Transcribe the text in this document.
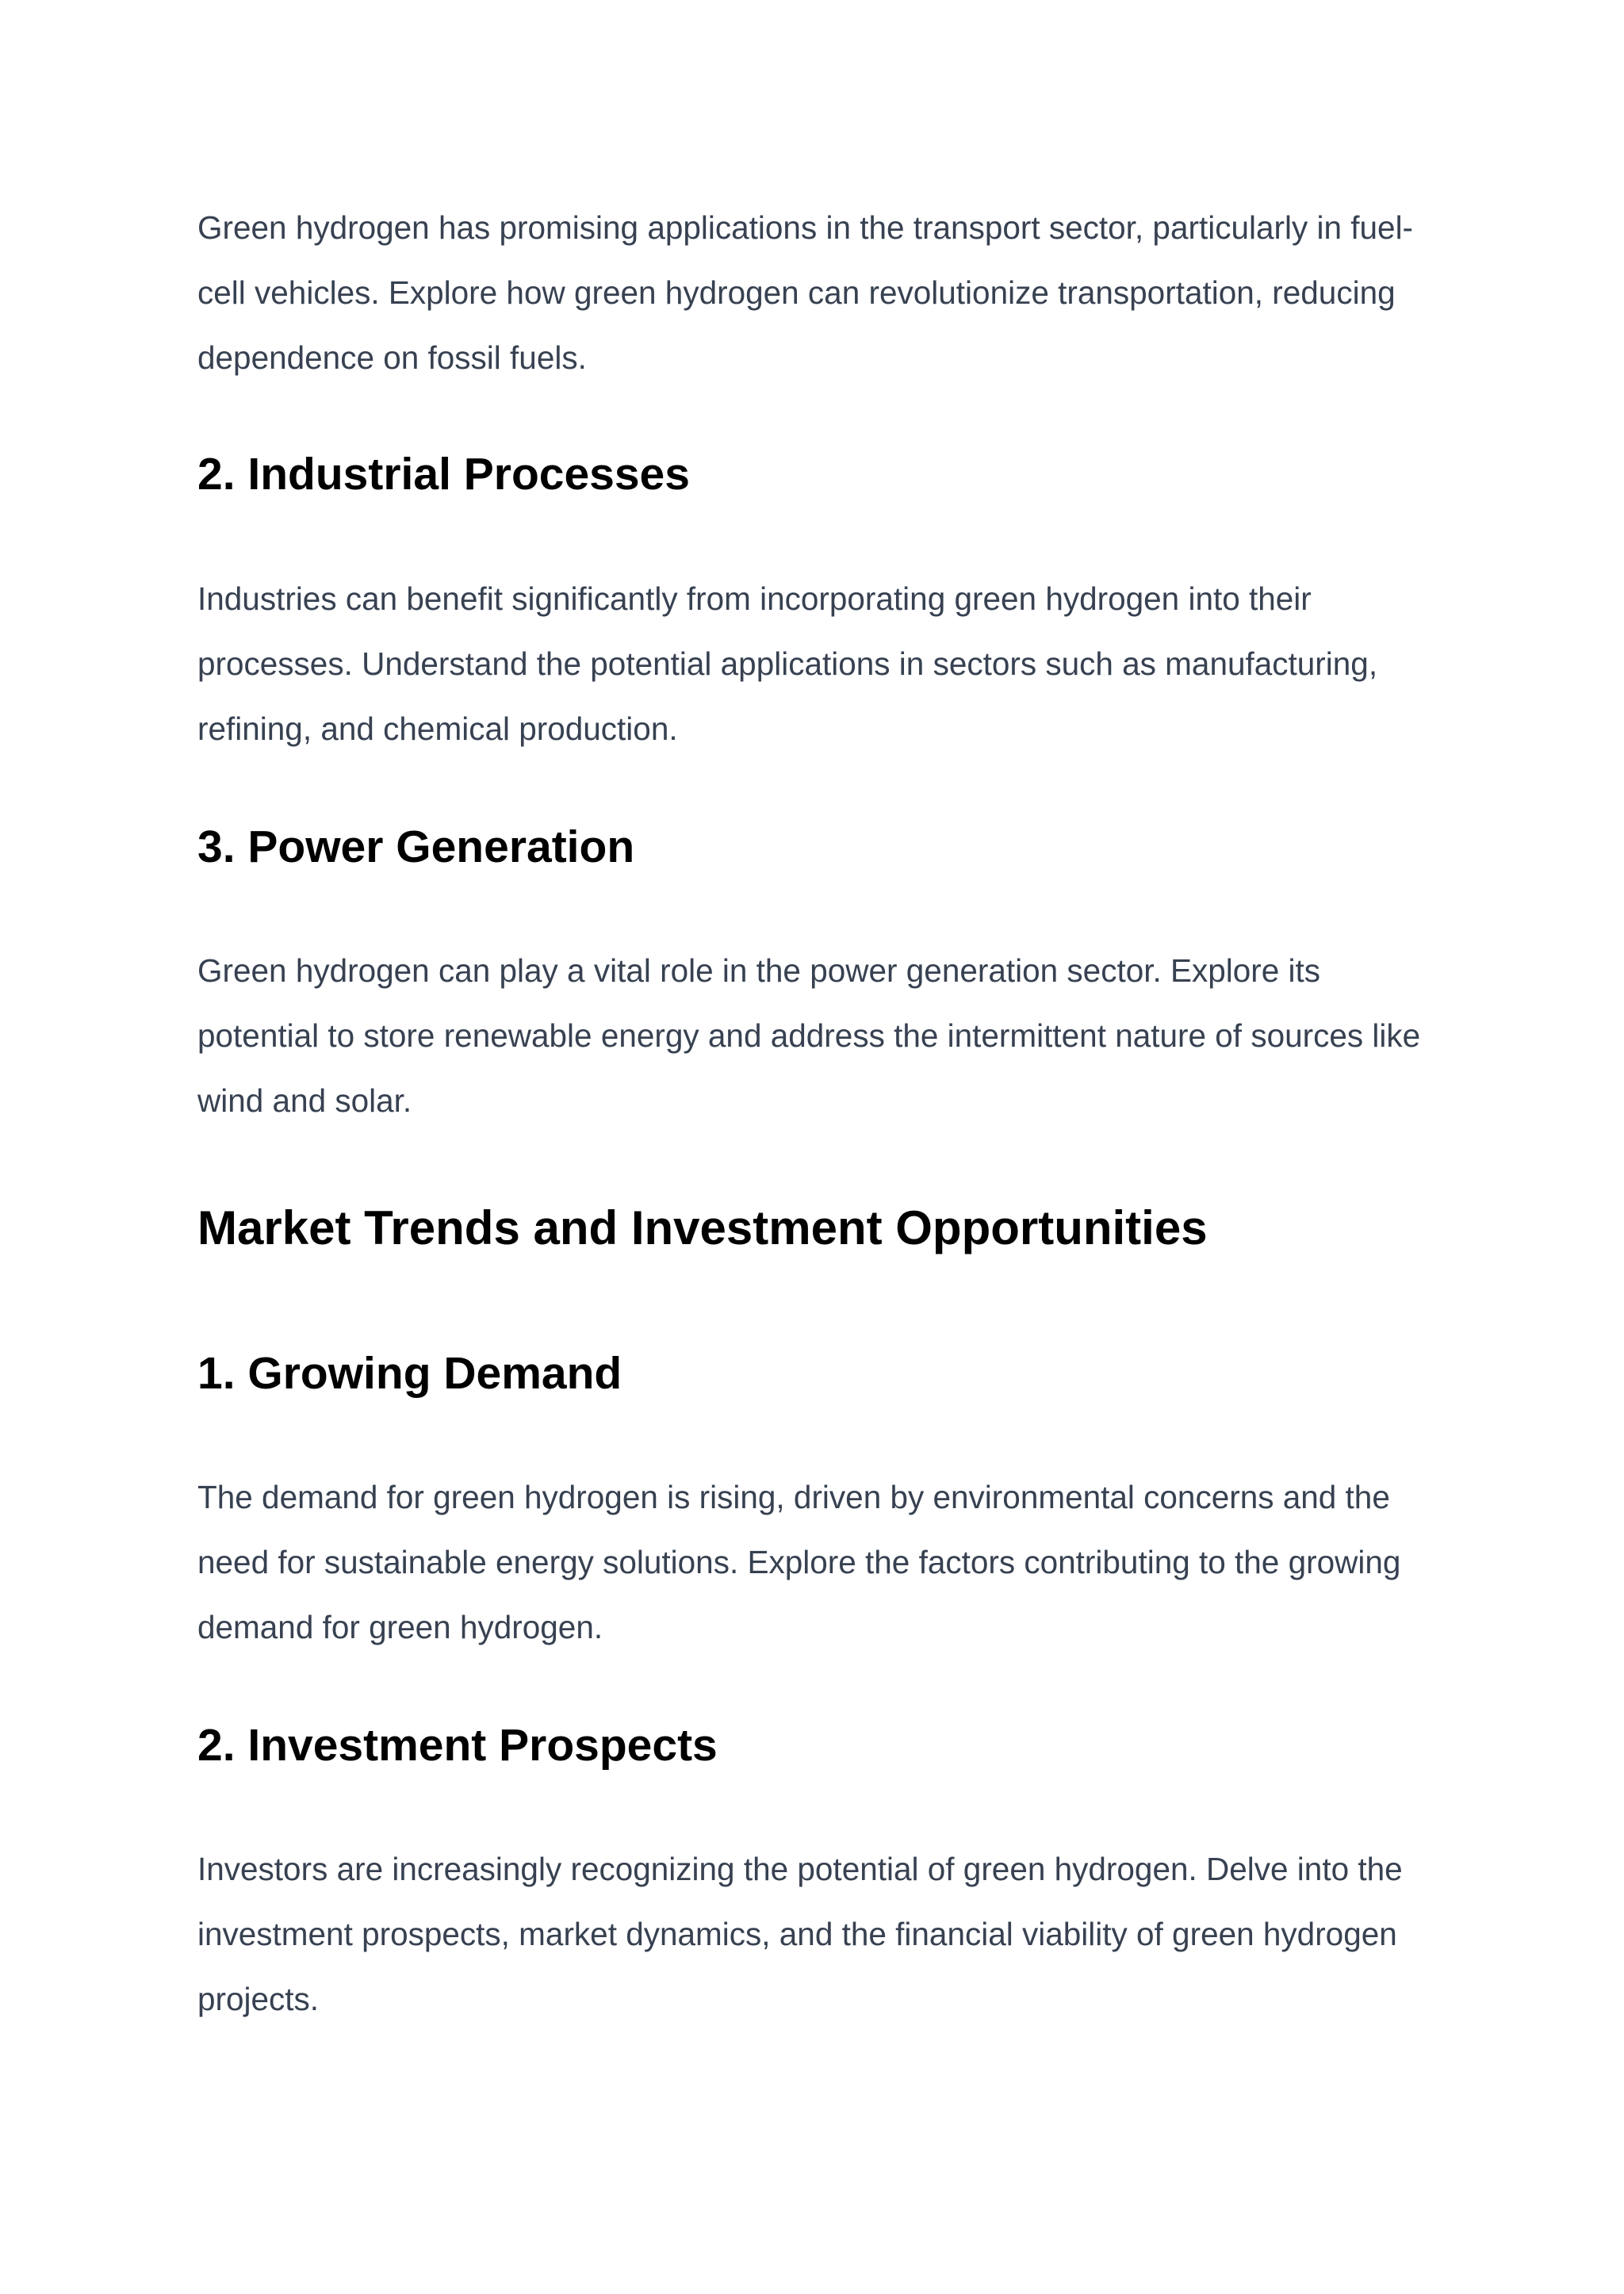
Green hydrogen has promising applications in the transport sector, particularly in fuel-cell vehicles. Explore how green hydrogen can revolutionize transportation, reducing dependence on fossil fuels.

2. Industrial Processes

Industries can benefit significantly from incorporating green hydrogen into their processes. Understand the potential applications in sectors such as manufacturing, refining, and chemical production.

3. Power Generation

Green hydrogen can play a vital role in the power generation sector. Explore its potential to store renewable energy and address the intermittent nature of sources like wind and solar.

Market Trends and Investment Opportunities
1. Growing Demand

The demand for green hydrogen is rising, driven by environmental concerns and the need for sustainable energy solutions. Explore the factors contributing to the growing demand for green hydrogen.

2. Investment Prospects

Investors are increasingly recognizing the potential of green hydrogen. Delve into the investment prospects, market dynamics, and the financial viability of green hydrogen projects.
